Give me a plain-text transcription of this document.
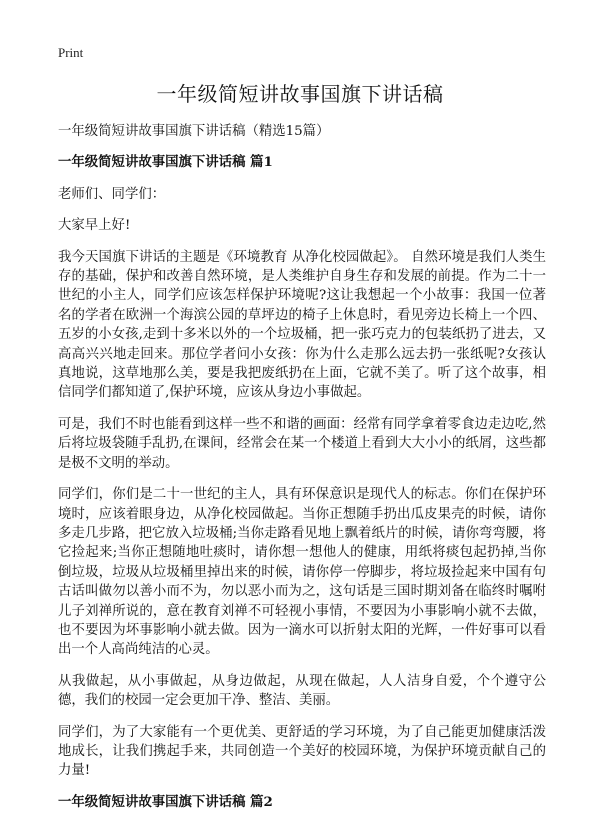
Print
一年级简短讲故事国旗下讲话稿

一年级简短讲故事国旗下讲话稿（精选15篇）

一年级简短讲故事国旗下讲话稿 篇1

老师们、同学们：

大家早上好!

我今天国旗下讲话的主题是《环境教育 从净化校园做起》。 自然环境是我们人类生存的基础，保护和改善自然环境，是人类维护自身生存和发展的前提。作为二十一世纪的小主人，同学们应该怎样保护环境呢?这让我想起一个小故事：我国一位著名的学者在欧洲一个海滨公园的草坪边的椅子上休息时，看见旁边长椅上一个四、五岁的小女孩,走到十多米以外的一个垃圾桶，把一张巧克力的包装纸扔了进去，又高高兴兴地走回来。那位学者问小女孩：你为什么走那么远去扔一张纸呢?女孩认真地说，这草地那么美，要是我把废纸扔在上面，它就不美了。听了这个故事，相信同学们都知道了,保护环境，应该从身边小事做起。

可是，我们不时也能看到这样一些不和谐的画面：经常有同学拿着零食边走边吃,然后将垃圾袋随手乱扔,在课间，经常会在某一个楼道上看到大大小小的纸屑，这些都是极不文明的举动。

同学们，你们是二十一世纪的主人，具有环保意识是现代人的标志。你们在保护环境时，应该着眼身边，从净化校园做起。当你正想随手扔出瓜皮果壳的时候，请你多走几步路，把它放入垃圾桶;当你走路看见地上飘着纸片的时候，请你弯弯腰，将它捡起来;当你正想随地吐痰时，请你想一想他人的健康，用纸将痰包起扔掉,当你倒垃圾，垃圾从垃圾桶里掉出来的时候，请你停一停脚步，将垃圾捡起来中国有句古话叫做勿以善小而不为，勿以恶小而为之，这句话是三国时期刘备在临终时嘱咐儿子刘禅所说的，意在教育刘禅不可轻视小事情，不要因为小事影响小就不去做，也不要因为坏事影响小就去做。因为一滴水可以折射太阳的光辉，一件好事可以看出一个人高尚纯洁的心灵。

从我做起，从小事做起，从身边做起，从现在做起，人人洁身自爱，个个遵守公德，我们的校园一定会更加干净、整洁、美丽。

同学们，为了大家能有一个更优美、更舒适的学习环境，为了自己能更加健康活泼地成长，让我们携起手来，共同创造一个美好的校园环境，为保护环境贡献自己的力量!

一年级简短讲故事国旗下讲话稿 篇2
